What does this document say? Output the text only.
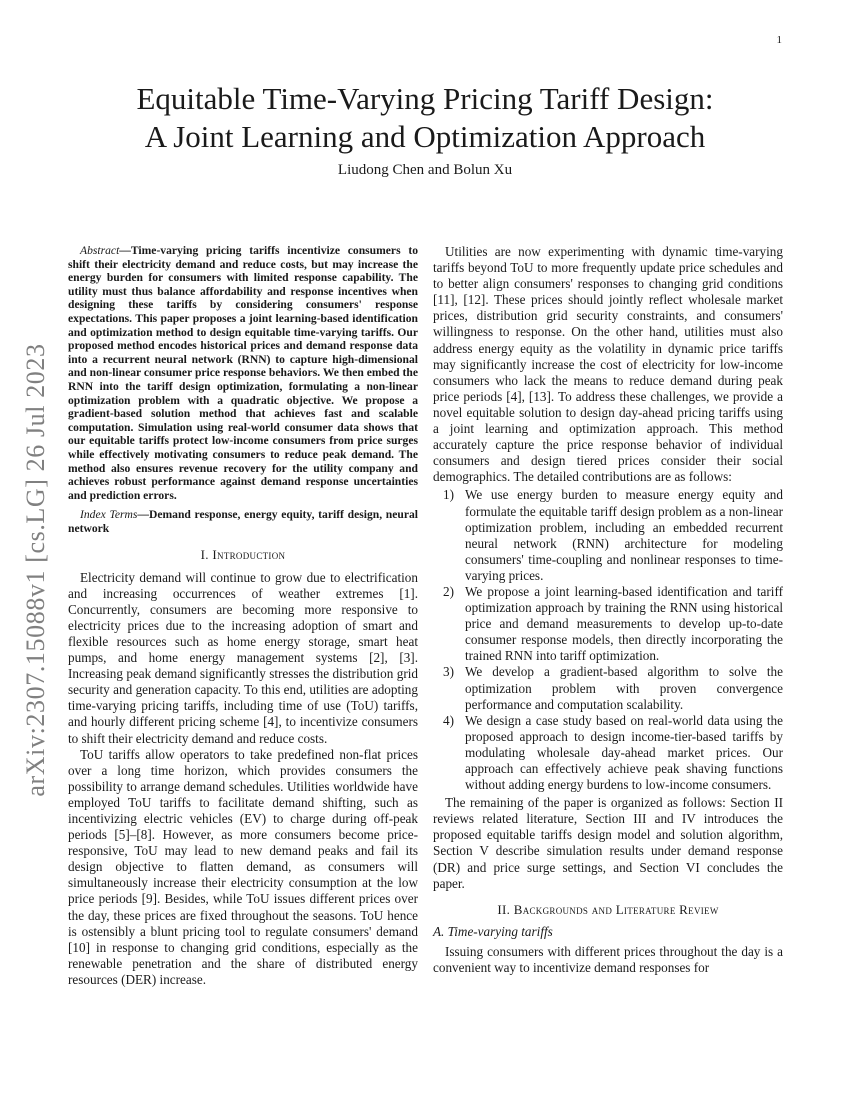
1
arXiv:2307.15088v1 [cs.LG] 26 Jul 2023
Equitable Time-Varying Pricing Tariff Design:
A Joint Learning and Optimization Approach
Liudong Chen and Bolun Xu

Abstract—Time-varying pricing tariffs incentivize consumers to shift their electricity demand and reduce costs, but may increase the energy burden for consumers with limited response capability. The utility must thus balance affordability and response incentives when designing these tariffs by considering consumers' response expectations. This paper proposes a joint learning-based identification and optimization method to design equitable time-varying tariffs. Our proposed method encodes historical prices and demand response data into a recurrent neural network (RNN) to capture high-dimensional and non-linear consumer price response behaviors. We then embed the RNN into the tariff design optimization, formulating a non-linear optimization problem with a quadratic objective. We propose a gradient-based solution method that achieves fast and scalable computation. Simulation using real-world consumer data shows that our equitable tariffs protect low-income consumers from price surges while effectively motivating consumers to reduce peak demand. The method also ensures revenue recovery for the utility company and achieves robust performance against demand response uncertainties and prediction errors.

Index Terms—Demand response, energy equity, tariff design, neural network

I. Introduction

Electricity demand will continue to grow due to electrification and increasing occurrences of weather extremes [1]. Concurrently, consumers are becoming more responsive to electricity prices due to the increasing adoption of smart and flexible resources such as home energy storage, smart heat pumps, and home energy management systems [2], [3]. Increasing peak demand significantly stresses the distribution grid security and generation capacity. To this end, utilities are adopting time-varying pricing tariffs, including time of use (ToU) tariffs, and hourly different pricing scheme [4], to incentivize consumers to shift their electricity demand and reduce costs.

ToU tariffs allow operators to take predefined non-flat prices over a long time horizon, which provides consumers the possibility to arrange demand schedules. Utilities worldwide have employed ToU tariffs to facilitate demand shifting, such as incentivizing electric vehicles (EV) to charge during off-peak periods [5]–[8]. However, as more consumers become price-responsive, ToU may lead to new demand peaks and fail its design objective to flatten demand, as consumers will simultaneously increase their electricity consumption at the low price periods [9]. Besides, while ToU issues different prices over the day, these prices are fixed throughout the seasons. ToU hence is ostensibly a blunt pricing tool to regulate consumers' demand [10] in response to changing grid conditions, especially as the renewable penetration and the share of distributed energy resources (DER) increase.

Utilities are now experimenting with dynamic time-varying tariffs beyond ToU to more frequently update price schedules and to better align consumers' responses to changing grid conditions [11], [12]. These prices should jointly reflect wholesale market prices, distribution grid security constraints, and consumers' willingness to response. On the other hand, utilities must also address energy equity as the volatility in dynamic price tariffs may significantly increase the cost of electricity for low-income consumers who lack the means to reduce demand during peak price periods [4], [13]. To address these challenges, we provide a novel equitable solution to design day-ahead pricing tariffs using a joint learning and optimization approach. This method accurately capture the price response behavior of individual consumers and design tiered prices consider their social demographics. The detailed contributions are as follows:

1) We use energy burden to measure energy equity and formulate the equitable tariff design problem as a non-linear optimization problem, including an embedded recurrent neural network (RNN) architecture for modeling consumers' time-coupling and nonlinear responses to time-varying prices.
2) We propose a joint learning-based identification and tariff optimization approach by training the RNN using historical price and demand measurements to develop up-to-date consumer response models, then directly incorporating the trained RNN into tariff optimization.
3) We develop a gradient-based algorithm to solve the optimization problem with proven convergence performance and computation scalability.
4) We design a case study based on real-world data using the proposed approach to design income-tier-based tariffs by modulating wholesale day-ahead market prices. Our approach can effectively achieve peak shaving functions without adding energy burdens to low-income consumers.

The remaining of the paper is organized as follows: Section II reviews related literature, Section III and IV introduces the proposed equitable tariffs design model and solution algorithm, Section V describe simulation results under demand response (DR) and price surge settings, and Section VI concludes the paper.

II. Backgrounds and Literature Review
A. Time-varying tariffs

Issuing consumers with different prices throughout the day is a convenient way to incentivize demand responses for
